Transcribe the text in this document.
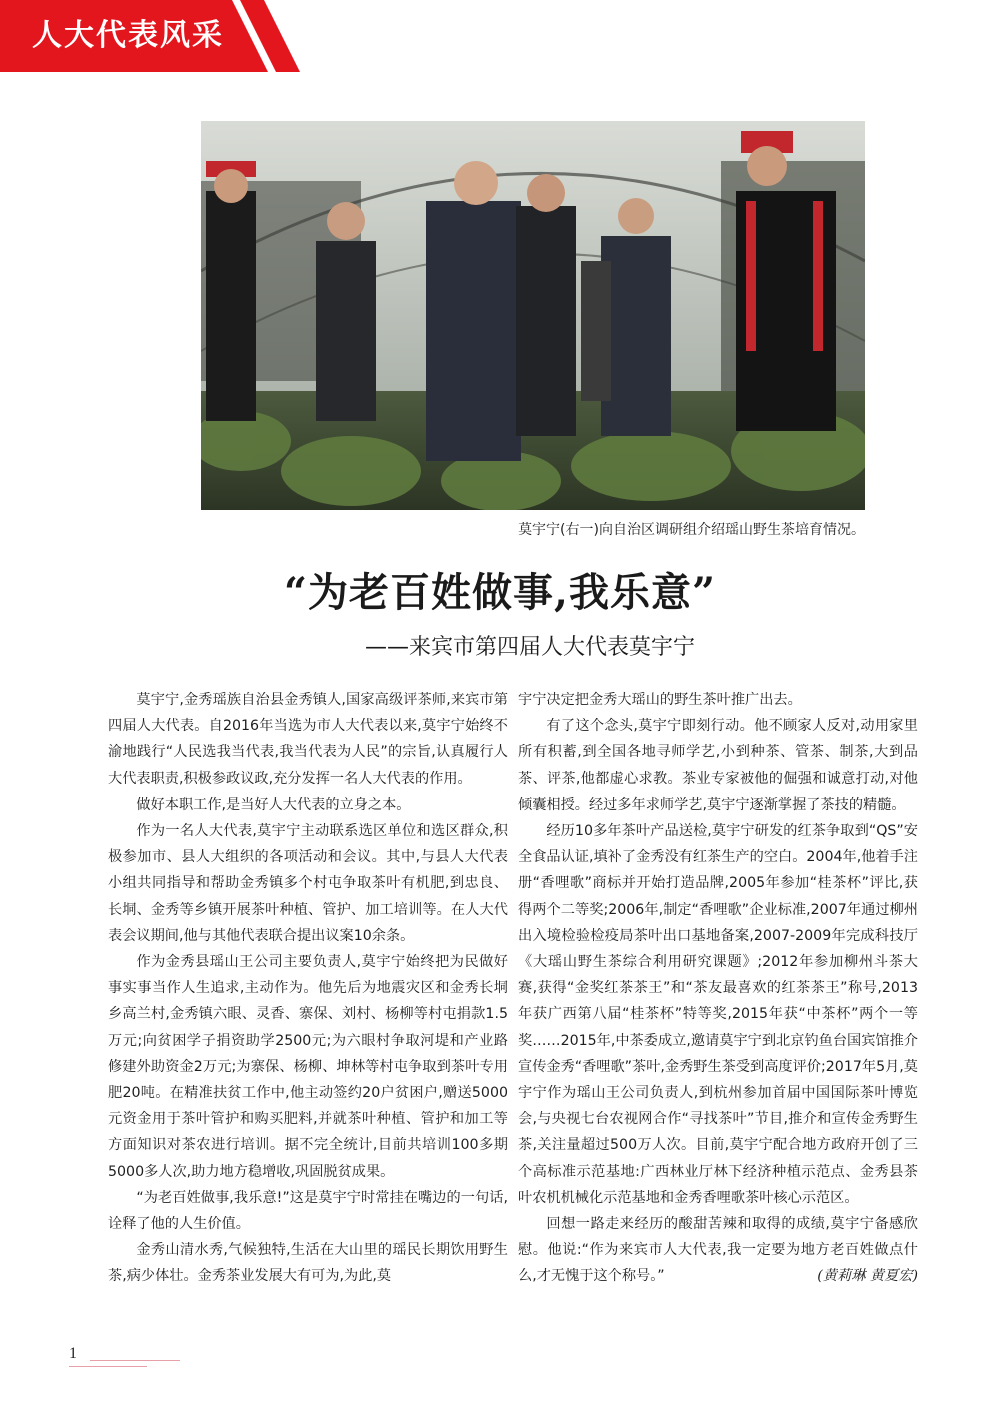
人大代表风采
莫宇宁(右一)向自治区调研组介绍瑶山野生茶培育情况。
“为老百姓做事,我乐意”
——来宾市第四届人大代表莫宇宁

莫宇宁,金秀瑶族自治县金秀镇人,国家高级评茶师,来宾市第四届人大代表。自2016年当选为市人大代表以来,莫宇宁始终不渝地践行“人民选我当代表,我当代表为人民”的宗旨,认真履行人大代表职责,积极参政议政,充分发挥一名人大代表的作用。

做好本职工作,是当好人大代表的立身之本。

作为一名人大代表,莫宇宁主动联系选区单位和选区群众,积极参加市、县人大组织的各项活动和会议。其中,与县人大代表小组共同指导和帮助金秀镇多个村屯争取茶叶有机肥,到忠良、长垌、金秀等乡镇开展茶叶种植、管护、加工培训等。在人大代表会议期间,他与其他代表联合提出议案10余条。

作为金秀县瑶山王公司主要负责人,莫宇宁始终把为民做好事实事当作人生追求,主动作为。他先后为地震灾区和金秀长垌乡高兰村,金秀镇六眼、灵香、寨保、刘村、杨柳等村屯捐款1.5万元;向贫困学子捐资助学2500元;为六眼村争取河堤和产业路修建外助资金2万元;为寨保、杨柳、坤林等村屯争取到茶叶专用肥20吨。在精准扶贫工作中,他主动签约20户贫困户,赠送5000元资金用于茶叶管护和购买肥料,并就茶叶种植、管护和加工等方面知识对茶农进行培训。据不完全统计,目前共培训100多期5000多人次,助力地方稳增收,巩固脱贫成果。

“为老百姓做事,我乐意!”这是莫宇宁时常挂在嘴边的一句话,诠释了他的人生价值。

金秀山清水秀,气候独特,生活在大山里的瑶民长期饮用野生茶,病少体壮。金秀茶业发展大有可为,为此,莫

宇宁决定把金秀大瑶山的野生茶叶推广出去。

有了这个念头,莫宇宁即刻行动。他不顾家人反对,动用家里所有积蓄,到全国各地寻师学艺,小到种茶、管茶、制茶,大到品茶、评茶,他都虚心求教。茶业专家被他的倔强和诚意打动,对他倾囊相授。经过多年求师学艺,莫宇宁逐渐掌握了茶技的精髓。

经历10多年茶叶产品送检,莫宇宁研发的红茶争取到“QS”安全食品认证,填补了金秀没有红茶生产的空白。2004年,他着手注册“香哩歌”商标并开始打造品牌,2005年参加“桂茶杯”评比,获得两个二等奖;2006年,制定“香哩歌”企业标准,2007年通过柳州出入境检验检疫局茶叶出口基地备案,2007-2009年完成科技厅《大瑶山野生茶综合利用研究课题》;2012年参加柳州斗茶大赛,获得“金奖红茶茶王”和“茶友最喜欢的红茶茶王”称号,2013年获广西第八届“桂茶杯”特等奖,2015年获“中茶杯”两个一等奖……2015年,中茶委成立,邀请莫宇宁到北京钓鱼台国宾馆推介宣传金秀“香哩歌”茶叶,金秀野生茶受到高度评价;2017年5月,莫宇宁作为瑶山王公司负责人,到杭州参加首届中国国际茶叶博览会,与央视七台农视网合作“寻找茶叶”节目,推介和宣传金秀野生茶,关注量超过500万人次。目前,莫宇宁配合地方政府开创了三个高标准示范基地:广西林业厅林下经济种植示范点、金秀县茶叶农机机械化示范基地和金秀香哩歌茶叶核心示范区。

回想一路走来经历的酸甜苦辣和取得的成绩,莫宇宁备感欣慰。他说:“作为来宾市人大代表,我一定要为地方老百姓做点什么,才无愧于这个称号。”	(黄莉琳 黄夏宏)

1
